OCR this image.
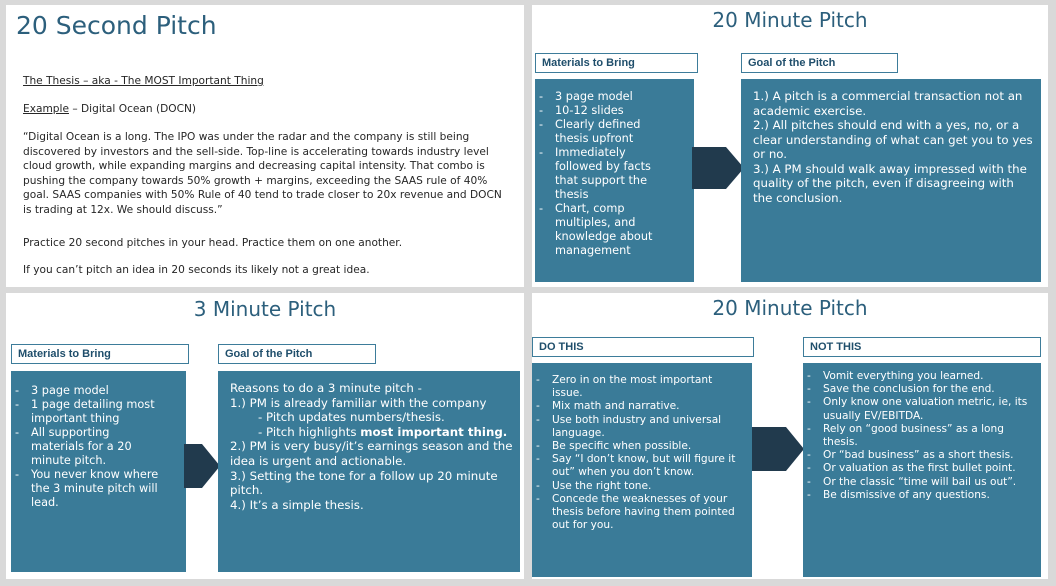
20 Second Pitch
The Thesis – aka - The MOST Important Thing
Example – Digital Ocean (DOCN)
“Digital Ocean is a long. The IPO was under the radar and the company is still being
discovered by investors and the sell-side. Top-line is accelerating towards industry level
cloud growth, while expanding margins and decreasing capital intensity. That combo is
pushing the company towards 50% growth + margins, exceeding the SAAS rule of 40%
goal. SAAS companies with 50% Rule of 40 tend to trade closer to 20x revenue and DOCN
is trading at 12x. We should discuss.”
Practice 20 second pitches in your head. Practice them on one another.
If you can’t pitch an idea in 20 seconds its likely not a great idea.
20 Minute Pitch
Materials to Bring
- 3 page model
- 10-12 slides
- Clearly defined thesis upfront
- Immediately followed by facts that support the thesis
- Chart, comp multiples, and knowledge about management
Goal of the Pitch
1.) A pitch is a commercial transaction not an academic exercise.
2.) All pitches should end with a yes, no, or a clear understanding of what can get you to yes or no.
3.) A PM should walk away impressed with the quality of the pitch, even if disagreeing with the conclusion.
3 Minute Pitch
Materials to Bring
- 3 page model
- 1 page detailing most important thing
- All supporting materials for a 20 minute pitch.
- You never know where the 3 minute pitch will lead.
Goal of the Pitch
Reasons to do a 3 minute pitch -
1.) PM is already familiar with the company
- Pitch updates numbers/thesis.
- Pitch highlights most important thing.
2.) PM is very busy/it’s earnings season and the idea is urgent and actionable.
3.) Setting the tone for a follow up 20 minute pitch.
4.) It’s a simple thesis.
20 Minute Pitch
DO THIS
- Zero in on the most important issue.
- Mix math and narrative.
- Use both industry and universal language.
- Be specific when possible.
- Say “I don’t know, but will figure it out” when you don’t know.
- Use the right tone.
- Concede the weaknesses of your thesis before having them pointed out for you.
NOT THIS
- Vomit everything you learned.
- Save the conclusion for the end.
- Only know one valuation metric, ie, its usually EV/EBITDA.
- Rely on “good business” as a long thesis.
- Or “bad business” as a short thesis.
- Or valuation as the first bullet point.
- Or the classic “time will bail us out”.
- Be dismissive of any questions.
